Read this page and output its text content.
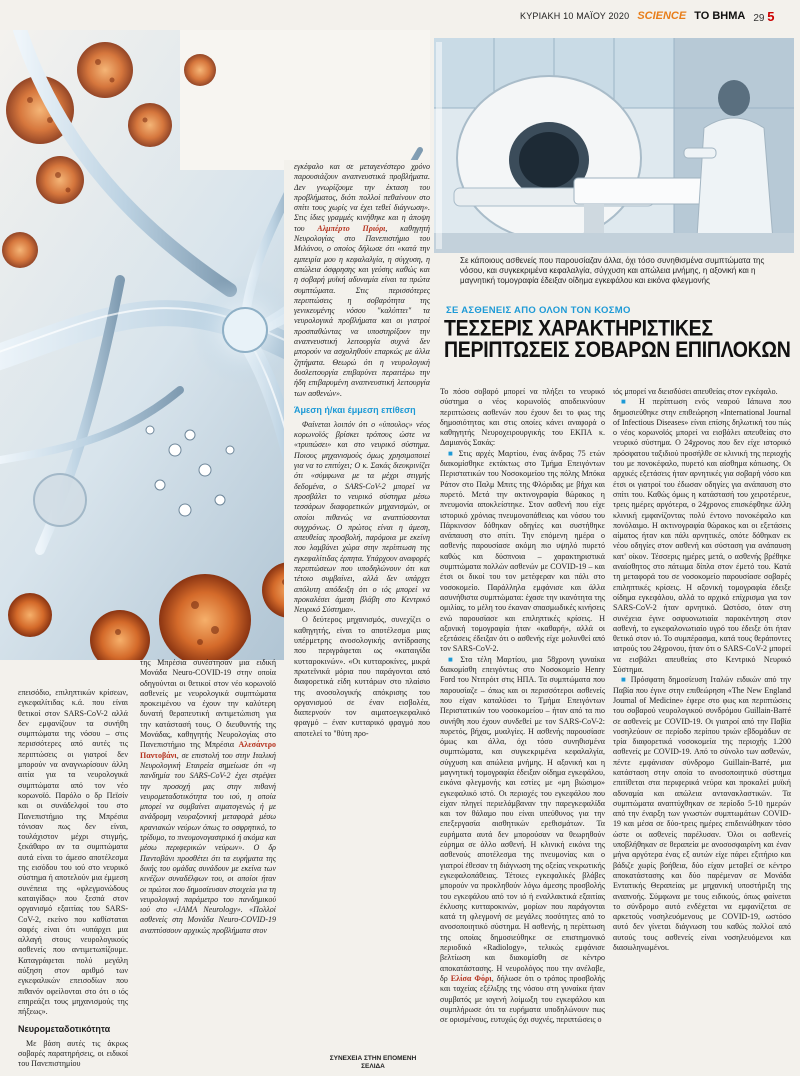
ΚΥΡΙΑΚΗ 10 ΜΑΪΟΥ 2020 SCIENCE ΤΟ ΒΗΜΑ 29 5
Σε κάποιους ασθενείς που παρουσίαζαν άλλα, όχι τόσο συνηθισμένα συμπτώματα της νόσου, και συγκεκριμένα κεφαλαλγία, σύγχυση και απώλεια μνήμης, η αξονική και η μαγνητική τομογραφία έδειξαν οίδημα εγκεφάλου και εικόνα φλεγμονής
ΣΕ ΑΣΘΕΝΕΙΣ ΑΠΟ ΟΛΟΝ ΤΟΝ ΚΟΣΜΟ
ΤΕΣΣΕΡΙΣ ΧΑΡΑΚΤΗΡΙΣΤΙΚΕΣ ΠΕΡΙΠΤΩΣΕΙΣ ΣΟΒΑΡΩΝ ΕΠΙΠΛΟΚΩΝ

επεισόδιο, επιληπτικών κρίσεων, εγκεφαλίτιδας κ.ά. που είναι θετικοί στον SARS-CoV-2 αλλά δεν εμφανίζουν τα συνήθη συμπτώματα της νόσου – στις περισσότερες από αυτές τις περιπτώσεις οι γιατροί δεν μπορούν να αναγνωρίσουν άλλη αιτία για τα νευρολογικά συμπτώματα από τον νέο κορωνοϊό. Παρόλο ο δρ Πεϊσίν και οι συνάδελφοί του στο Πανεπιστήμιο της Μπρέσια τόνισαν πως δεν είναι, τουλάχιστον μέχρι στιγμής, ξεκάθαρο αν τα συμπτώματα αυτά είναι το άμεσο αποτέλεσμα της εισόδου του ιού στο νευρικό σύστημα ή αποτελούν μια έμμεση συνέπεια της «φλεγμονώδους καταιγίδας» που ξεσπά στον οργανισμό εξαιτίας του SARS-CoV-2, εκείνο που καθίσταται σαφές είναι ότι «υπάρχει μια αλλαγή στους νευρολογικούς ασθενείς που αντιμετωπίζουμε. Καταγράφεται πολύ μεγάλη αύξηση στον αριθμό των εγκεφαλικών επεισοδίων που πιθανόν οφείλονται στο ότι ο ιός επηρεάζει τους μηχανισμούς της πήξεως».

Νευρομεταδοτικότητα

Με βάση αυτές τις άκρως σοβαρές παρατηρήσεις, οι ειδικοί του Πανεπιστημίου

της Μπρέσια συνέστησαν μια ειδική Μονάδα Neuro-COVID-19 στην οποία οδηγούνται οι θετικοί στον νέο κορωνοϊό ασθενείς με νευρολογικά συμπτώματα προκειμένου να έχουν την καλύτερη δυνατή θεραπευτική αντιμετώπιση για την κατάστασή τους. Ο διευθυντής της Μονάδας, καθηγητής Νευρολογίας στο Πανεπιστήμιο της Μπρέσια Αλεσάντρο Παντοβάνι, σε επιστολή του στην Ιταλική Νευρολογική Εταιρεία σημείωσε ότι «η πανδημία του SARS-CoV-2 έχει στρέψει την προσοχή μας στην πιθανή νευρομεταδοτικότητα του ιού, η οποία μπορεί να συμβαίνει αιματογενώς ή με ανάδρομη νευραξονική μεταφορά μέσω κρανιακών νεύρων όπως το οσφρητικό, το τρίδυμο, το πνευμονογαστρικό ή ακόμα και μέσω περιφερικών νεύρων». Ο δρ Παντοβάνι προσθέτει ότι τα ευρήματα της δικής του ομάδας συνάδουν με εκείνα των κινέζων συναδέλφων του, οι οποίοι ήταν οι πρώτοι που δημοσίευσαν στοιχεία για τη νευρολογική παράμετρο του πανδημικού ιού στο «JAMA Neurology». «Πολλοί ασθενείς στη Μονάδα Neuro-COVID-19 αναπτύσσουν αρχικώς προβλήματα στον

εγκέφαλο και σε μεταγενέστερο χρόνο παρουσιάζουν αναπνευστικά προβλήματα. Δεν γνωρίζουμε την έκταση του προβλήματος, διότι πολλοί πεθαίνουν στο σπίτι τους χωρίς να έχει τεθεί διάγνωση». Στις ίδιες γραμμές κινήθηκε και η άποψη του Αλμπέρτο Πριόρι, καθηγητή Νευρολογίας στο Πανεπιστήμιο του Μιλάνου, ο οποίος δήλωσε ότι «κατά την εμπειρία μου η κεφαλαλγία, η σύγχυση, η απώλεια όσφρησης και γεύσης καθώς και η σοβαρή μυϊκή αδυναμία είναι τα πρώτα συμπτώματα. Στις περισσότερες περιπτώσεις η σοβαρότητα της γενικευμένης νόσου "καλύπτει" τα νευρολογικά προβλήματα και οι γιατροί προσπαθώντας να υποστηρίξουν την αναπνευστική λειτουργία συχνά δεν μπορούν να ασχοληθούν επαρκώς με άλλα ζητήματα. Θεωρώ ότι η νευρολογική δυσλειτουργία επιβαρύνει περαιτέρω την ήδη επιβαρυμένη αναπνευστική λειτουργία των ασθενών».

Άμεση ή/και έμμεση επίθεση

Φαίνεται λοιπόν ότι ο «ύπουλος» νέος κορωνοϊός βρίσκει τρόπους ώστε να «τρυπώσει» και στο νευρικό σύστημα. Ποιους μηχανισμούς όμως χρησιμοποιεί για να το επιτύχει; Ο κ. Σακάς διευκρινίζει ότι «σύμφωνα με τα μέχρι στιγμής δεδομένα, ο SARS-CoV-2 μπορεί να προσβάλει το νευρικό σύστημα μέσω τεσσάρων διαφορετικών μηχανισμών, οι οποίοι πιθανώς να αναπτύσσονται συγχρόνως. Ο πρώτος είναι η άμεση, απευθείας προσβολή, παρόμοια με εκείνη που λαμβάνει χώρα στην περίπτωση της εγκεφαλίτιδας έρπητα. Υπάρχουν αναφορές περιπτώσεων που υποδηλώνουν ότι και τέτοιο συμβαίνει, αλλά δεν υπάρχει απόλυτη απόδειξη ότι ο ιός μπορεί να προκαλέσει άμεση βλάβη στο Κεντρικό Νευρικό Σύστημα».

Ο δεύτερος μηχανισμός, συνεχίζει ο καθηγητής, είναι το αποτέλεσμα μιας υπέρμετρης ανοσολογικής αντίδρασης που περιγράφεται ως «καταιγίδα κυτταροκινών». «Οι κυτταροκίνες, μικρά πρωτεϊνικά μόρια που παράγονται από διαφορετικά είδη κυττάρων στο πλαίσιο της ανοσολογικής απόκρισης του οργανισμού σε έναν εισβολέα, διαπερνούν τον αιματοεγκεφαλικό φραγμό – έναν κυτταρικό φραγμό που αποτελεί το "θύτη προ-

Το πόσο σοβαρό μπορεί να πλήξει το νευρικό σύστημα ο νέος κορωνοϊός αποδεικνύουν περιπτώσεις ασθενών που έχουν δει το φως της δημοσιότητας και στις οποίες κάνει αναφορά ο καθηγητής Νευροχειρουργικής του ΕΚΠΑ κ. Δαμιανός Σακάς:

■ Στις αρχές Μαρτίου, ένας άνδρας 75 ετών διακομίσθηκε εκτάκτως στο Τμήμα Επειγόντων Περιστατικών του Νοσοκομείου της πόλης Μπόκα Ράτον στο Παλμ Μπιτς της Φλόριδας με βήχα και πυρετό. Μετά την ακτινογραφία θώρακος η πνευμονία αποκλείστηκε. Στον ασθενή που είχε ιστορικό χρόνιας πνευμονοπάθειας και νόσου του Πάρκινσον δόθηκαν οδηγίες και συστήθηκε ανάπαυση στο σπίτι. Την επόμενη ημέρα ο ασθενής παρουσίασε ακόμη πιο υψηλό πυρετό καθώς και δύσπνοια – χαρακτηριστικά συμπτώματα πολλών ασθενών με COVID-19 – και έτσι οι δικοί του τον μετέφεραν και πάλι στο νοσοκομείο. Παράλληλα εμφάνισε και άλλα ασυνήθιστα συμπτώματα: έχασε την ικανότητα της ομιλίας, το μέλη του έκαναν σπασμωδικές κινήσεις ενώ παρουσίασε και επιληπτικές κρίσεις. Η αξονική τομογραφία ήταν «καθαρή», αλλά οι εξετάσεις έδειξαν ότι ο ασθενής είχε μολυνθεί από τον SARS-CoV-2.

■ Στα τέλη Μαρτίου, μια 58χρονη γυναίκα διακομίσθη επειγόντως στο Νοσοκομείο Henry Ford του Ντιτρόιτ στις ΗΠΑ. Τα συμπτώματα που παρουσίαζε – όπως και οι περισσότεροι ασθενείς που είχαν καταλύσει το Τμήμα Επειγόντων Περιστατικών του νοσοκομείου – ήταν από τα πιο συνήθη που έχουν συνδεθεί με τον SARS-CoV-2: πυρετός, βήχας, μυαλγίες. Η ασθενής παρουσίασε όμως και άλλα, όχι τόσο συνηθισμένα συμπτώματα, και συγκεκριμένα κεφαλαλγία, σύγχυση και απώλεια μνήμης. Η αξονική και η μαγνητική τομογραφία έδειξαν οίδημα εγκεφάλου, εικόνα φλεγμονής και εστίες με «μη βιώσιμο» εγκεφαλικό ιστό. Οι περιοχές του εγκεφάλου που είχαν πληγεί περιελάμβαναν την παρεγκεφαλίδα και τον θάλαμο που είναι υπεύθυνος για την επεξεργασία αισθητικών ερεθισμάτων. Τα ευρήματα αυτά δεν μπορούσαν να θεωρηθούν εύρημα σε άλλο ασθενή. Η κλινική εικόνα της ασθενούς αποτέλεσμα της πνευμονίας και ο γιατροί έθεσαν τη διάγνωση της οξείας νεκρωτικής εγκεφαλοπάθειας. Τέτοιες εγκεφαλικές βλάβες μπορούν να προκληθούν λόγω άμεσης προσβολής του εγκεφάλου από τον ιό ή εναλλακτικά εξαιτίας έκλυσης κυτταροκινών, μορίων που παράγονται κατά τη φλεγμονή σε μεγάλες ποσότητες από το ανοσοποιητικό σύστημα. Η ασθενής, η περίπτωση της οποίας δημοσιεύθηκε σε επιστημονικό περιοδικό «Radiology», τελικώς εμφάνισε βελτίωση και διακομίσθη σε κέντρο αποκατάστασης. Η νευρολόγος που την ανέλαβε, δρ Ελίσα Φόρι, δήλωσε ότι ο τρόπος προσβολής και ταχείας εξέλιξης της νόσου στη γυναίκα ήταν συμβατός με ιογενή λοίμωξη του εγκεφάλου και συμπλήρωσε ότι τα ευρήματα υποδηλώνουν πως σε ορισμένους, ευτυχώς όχι συχνές, περιπτώσεις ο

ιός μπορεί να διεισδύσει απευθείας στον εγκέφαλο.

■ Η περίπτωση ενός νεαρού Ιάπωνα που δημοσιεύθηκε στην επιθεώρηση «International Journal of Infectious Diseases» είναι επίσης δηλωτική του πώς ο νέος κορωνοϊός μπορεί να εισβάλει απευθείας στο νευρικό σύστημα. Ο 24χρονος που δεν είχε ιστορικό πρόσφατου ταξιδιού προσήλθε σε κλινική της περιοχής του με πονοκέφαλο, πυρετό και αίσθημα κόπωσης. Οι αρχικές εξετάσεις ήταν αρνητικές για σοβαρή νόσο και έτσι οι γιατροί του έδωσαν οδηγίες για ανάπαυση στο σπίτι του. Καθώς όμως η κατάστασή του χειροτέρευε, τρεις ημέρες αργότερα, ο 24χρονος επισκέφθηκε άλλη κλινική εμφανίζοντας πολύ έντονο πονοκέφαλο και πονόλαιμο. Η ακτινογραφία θώρακος και οι εξετάσεις αίματος ήταν και πάλι αρνητικές, οπότε δόθηκαν εκ νέου οδηγίες στον ασθενή και σύσταση για ανάπαυση κατ' οίκον. Τέσσερις ημέρες μετά, ο ασθενής βρέθηκε αναίσθητος στο πάτωμα δίπλα στον έμετό του. Κατά τη μεταφορά του σε νοσοκομείο παρουσίασε σοβαρές επιληπτικές κρίσεις. Η αξονική τομογραφία έδειξε οίδημα εγκεφάλου, αλλά το αρχικό επίχρισμα για τον SARS-CoV-2 ήταν αρνητικό. Ωστόσο, όταν στη συνέχεια έγινε οσφυονωτιαία παρακέντηση στον ασθενή, το εγκεφαλονωτιαίο υγρό του έδειξε ότι ήταν θετικό στον ιό. Το συμπέρασμα, κατά τους θεράποντες ιατρούς του 24χρονου, ήταν ότι ο SARS-CoV-2 μπορεί να εισβάλει απευθείας στο Κεντρικό Νευρικό Σύστημα.

■ Πρόσφατη δημοσίευση Ιταλών ειδικών από την Παβία που έγινε στην επιθεώρηση «The New England Journal of Medicine» έφερε στο φως και περιπτώσεις του σοβαρού νευρολογικού συνδρόμου Guillain-Barré σε ασθενείς με COVID-19. Οι γιατροί από την Παβία νοσηλεύουν σε περίοδο περίπου τριών εβδομάδων σε τρία διαφορετικά νοσοκομεία της περιοχής 1.200 ασθενείς με COVID-19. Από το σύνολο των ασθενών, πέντε εμφάνισαν σύνδρομο Guillain-Barré, μια κατάσταση στην οποία το ανοσοποιητικό σύστημα επιτίθεται στα περιφερικά νεύρα και προκαλεί μυϊκή αδυναμία και απώλεια αντανακλαστικών. Τα συμπτώματα αναπτύχθηκαν σε περίοδο 5-10 ημερών από την έναρξη των γνωστών συμπτωμάτων COVID-19 και μέσα σε δύο-τρεις ημέρες επιδεινώθηκαν τόσο ώστε οι ασθενείς παρέλυσαν. Όλοι οι ασθενείς υποβλήθηκαν σε θεραπεία με ανοσοσφαιρίνη και έναν μήνα αργότερα ένας εξ αυτών είχε πάρει εξιτήριο και βάδιζε χωρίς βοήθεια, δύο είχαν μεταβεί σε κέντρο αποκατάστασης και δύο παρέμεναν σε Μονάδα Εντατικής Θεραπείας με μηχανική υποστήριξη της αναπνοής. Σύμφωνα με τους ειδικούς, όπως φαίνεται το σύνδρομο αυτό ενδέχεται να εμφανίζεται σε αρκετούς νοσηλευόμενους με COVID-19, ωστόσο αυτό δεν γίνεται διάγνωση του καθώς πολλοί από αυτούς τους ασθενείς είναι νοσηλευόμενοι και διασωληνωμένοι.

ΣΥΝΕΧΕΙΑ ΣΤΗΝ ΕΠΟΜΕΝΗ ΣΕΛΙΔΑ
